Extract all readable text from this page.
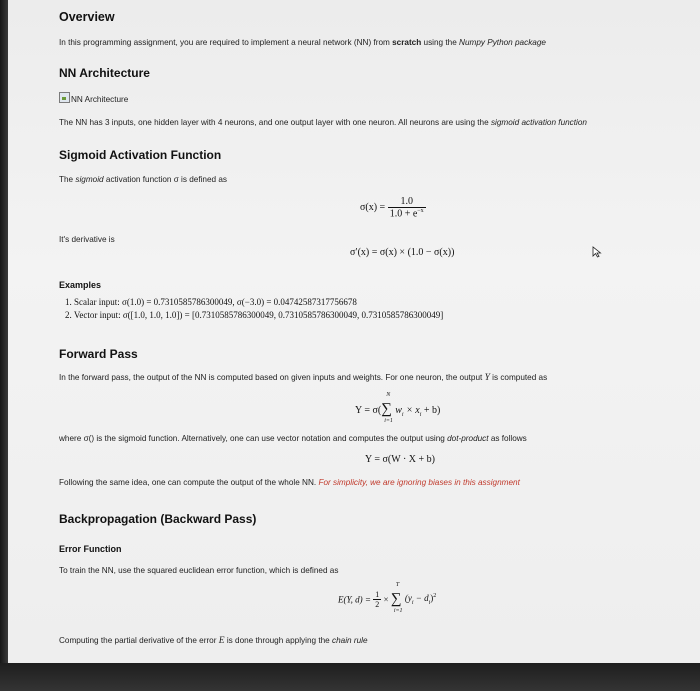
Overview
In this programming assignment, you are required to implement a neural network (NN) from scratch using the Numpy Python package
NN Architecture
NN Architecture
The NN has 3 inputs, one hidden layer with 4 neurons, and one output layer with one neuron. All neurons are using the sigmoid activation function
Sigmoid Activation Function
The sigmoid activation function σ is defined as
$\sigma(x) = \frac{1.0}{1.0 + e^{-x}}$
It's derivative is
σ′(x) = σ(x) × (1.0 − σ(x))
Examples
1. Scalar input: σ(1.0) = 0.7310585786300049, σ(−3.0) = 0.04742587317756678
2. Vector input: σ([1.0, 1.0, 1.0]) = [0.7310585786300049, 0.7310585786300049, 0.7310585786300049]
Forward Pass
In the forward pass, the output of the NN is computed based on given inputs and weights. For one neuron, the output Y is computed as
Y = σ(∑
N
i=1
$w_i \times x_i + b$)
where σ() is the sigmoid function. Alternatively, one can use vector notation and computes the output using dot-product as follows
Y = σ(W · X + b)
Following the same idea, one can compute the output of the whole NN. For simplicity, we are ignoring biases in this assignment
Backpropagation (Backward Pass)
Error Function
To train the NN, use the squared euclidean error function, which is defined as
E(Y, $d) = \frac{1}{2}$ × ∑
T
i=1
$(y_i - d_i)^2$
Computing the partial derivative of the error E is done through applying the chain rule
